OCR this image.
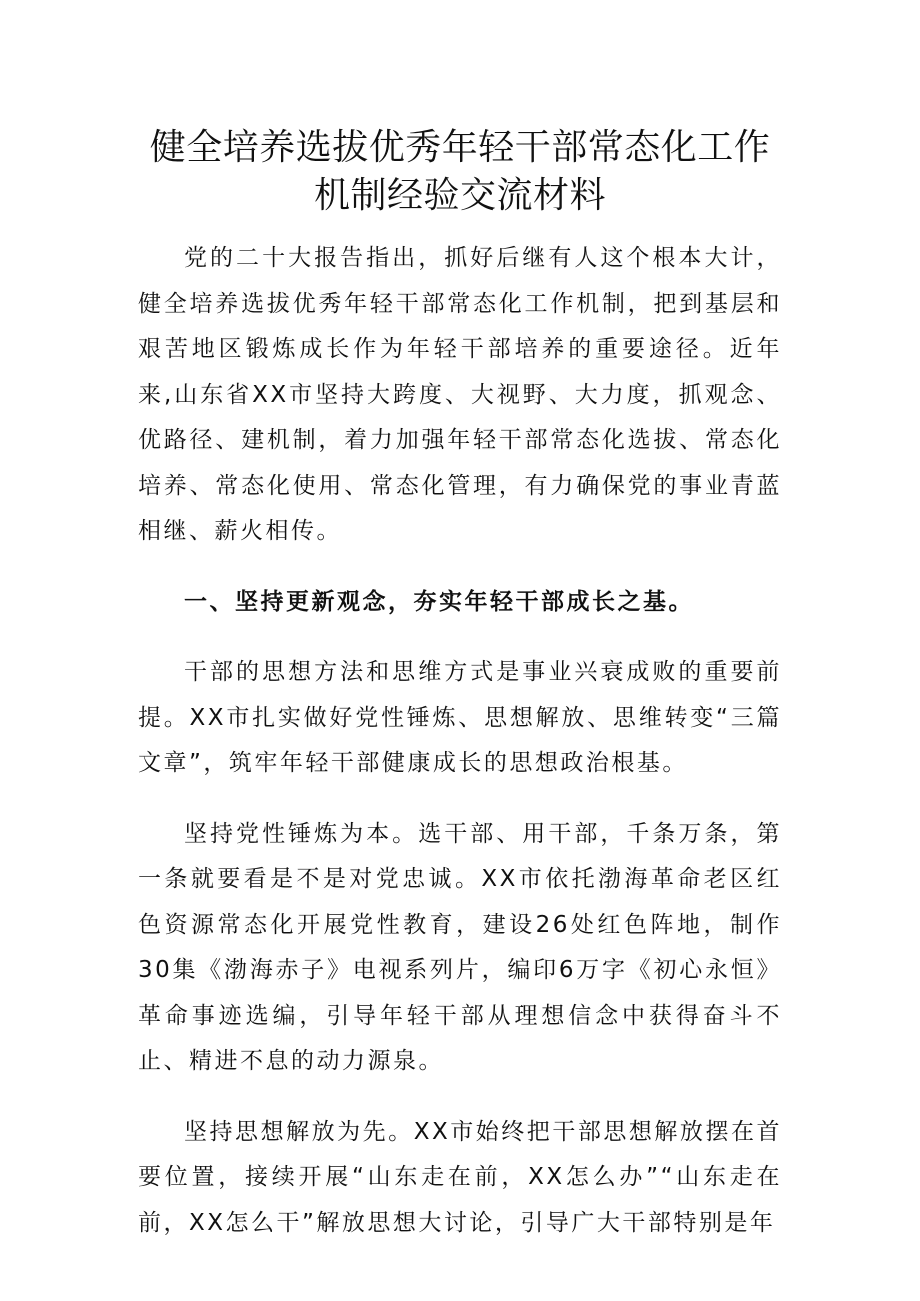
健全培养选拔优秀年轻干部常态化工作机制经验交流材料

党的二十大报告指出，抓好后继有人这个根本大计，健全培养选拔优秀年轻干部常态化工作机制，把到基层和艰苦地区锻炼成长作为年轻干部培养的重要途径。近年来,山东省XX市坚持大跨度、大视野、大力度，抓观念、优路径、建机制，着力加强年轻干部常态化选拔、常态化培养、常态化使用、常态化管理，有力确保党的事业青蓝相继、薪火相传。

一、坚持更新观念，夯实年轻干部成长之基。

干部的思想方法和思维方式是事业兴衰成败的重要前提。XX市扎实做好党性锤炼、思想解放、思维转变“三篇文章”，筑牢年轻干部健康成长的思想政治根基。

坚持党性锤炼为本。选干部、用干部，千条万条，第一条就要看是不是对党忠诚。XX市依托渤海革命老区红色资源常态化开展党性教育，建设26处红色阵地，制作30集《渤海赤子》电视系列片，编印6万字《初心永恒》革命事迹选编，引导年轻干部从理想信念中获得奋斗不止、精进不息的动力源泉。

坚持思想解放为先。XX市始终把干部思想解放摆在首要位置，接续开展“山东走在前，XX怎么办”“山东走在前，XX怎么干”解放思想大讨论，引导广大干部特别是年
